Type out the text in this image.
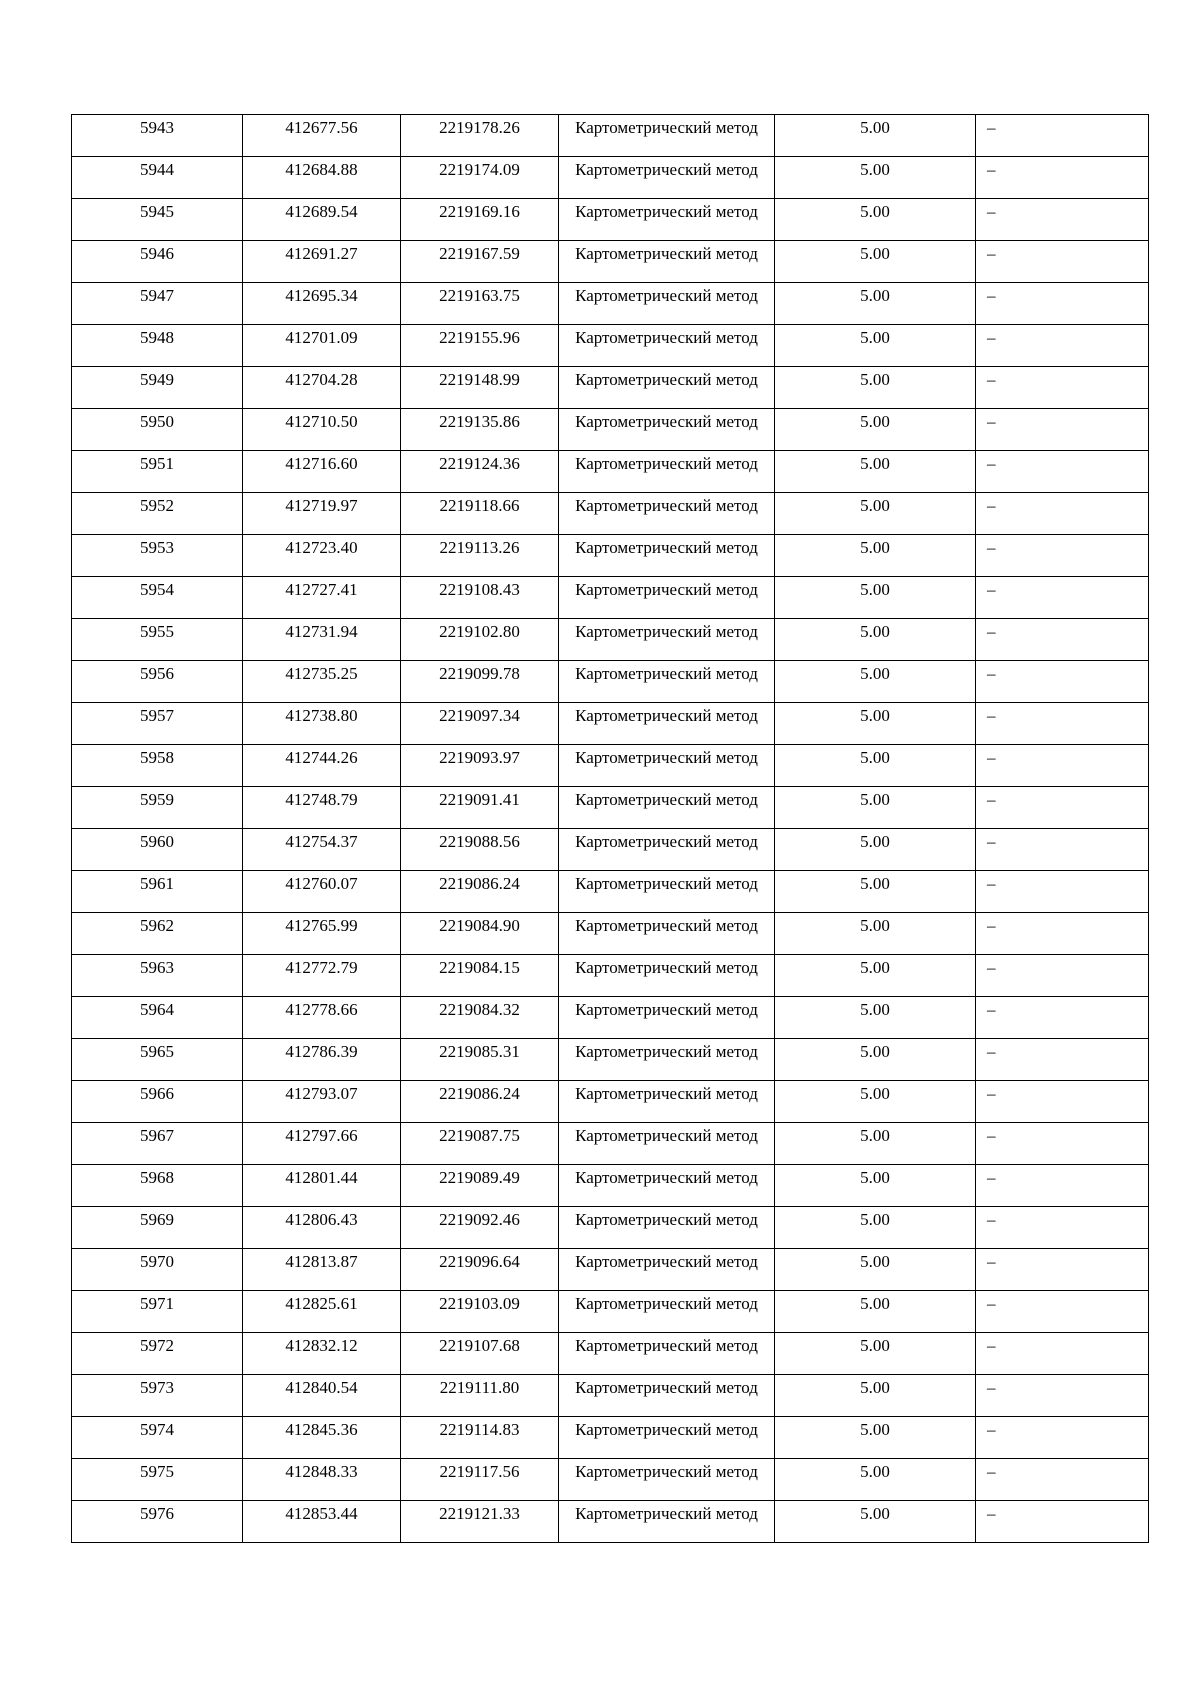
5943	412677.56	2219178.26	Картометрический метод	5.00	–

5944	412684.88	2219174.09	Картометрический метод	5.00	–

5945	412689.54	2219169.16	Картометрический метод	5.00	–

5946	412691.27	2219167.59	Картометрический метод	5.00	–

5947	412695.34	2219163.75	Картометрический метод	5.00	–

5948	412701.09	2219155.96	Картометрический метод	5.00	–

5949	412704.28	2219148.99	Картометрический метод	5.00	–

5950	412710.50	2219135.86	Картометрический метод	5.00	–

5951	412716.60	2219124.36	Картометрический метод	5.00	–

5952	412719.97	2219118.66	Картометрический метод	5.00	–

5953	412723.40	2219113.26	Картометрический метод	5.00	–

5954	412727.41	2219108.43	Картометрический метод	5.00	–

5955	412731.94	2219102.80	Картометрический метод	5.00	–

5956	412735.25	2219099.78	Картометрический метод	5.00	–

5957	412738.80	2219097.34	Картометрический метод	5.00	–

5958	412744.26	2219093.97	Картометрический метод	5.00	–

5959	412748.79	2219091.41	Картометрический метод	5.00	–

5960	412754.37	2219088.56	Картометрический метод	5.00	–

5961	412760.07	2219086.24	Картометрический метод	5.00	–

5962	412765.99	2219084.90	Картометрический метод	5.00	–

5963	412772.79	2219084.15	Картометрический метод	5.00	–

5964	412778.66	2219084.32	Картометрический метод	5.00	–

5965	412786.39	2219085.31	Картометрический метод	5.00	–

5966	412793.07	2219086.24	Картометрический метод	5.00	–

5967	412797.66	2219087.75	Картометрический метод	5.00	–

5968	412801.44	2219089.49	Картометрический метод	5.00	–

5969	412806.43	2219092.46	Картометрический метод	5.00	–

5970	412813.87	2219096.64	Картометрический метод	5.00	–

5971	412825.61	2219103.09	Картометрический метод	5.00	–

5972	412832.12	2219107.68	Картометрический метод	5.00	–

5973	412840.54	2219111.80	Картометрический метод	5.00	–

5974	412845.36	2219114.83	Картометрический метод	5.00	–

5975	412848.33	2219117.56	Картометрический метод	5.00	–

5976	412853.44	2219121.33	Картометрический метод	5.00	–
